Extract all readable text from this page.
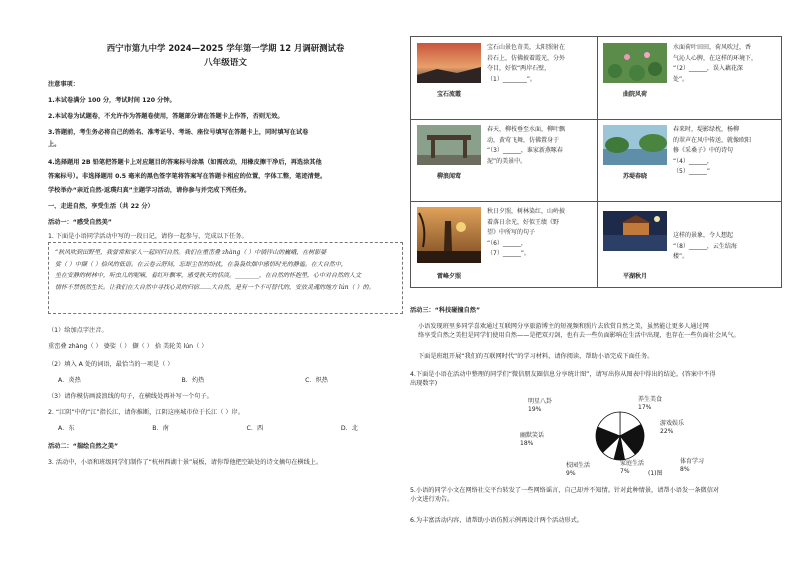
西宁市第九中学 2024—2025 学年第一学期 12 月调研测试卷
八年级语文
注意事项：
1.本试卷满分 100 分，考试时间 120 分钟。
2.本试卷为试题卷，不允许作为答题卷使用，答题部分请在答题卡上作答，否则无效。
3.答题前，考生务必将自己的姓名、准考证号、考场、座位号填写在答题卡上，同时填写在试卷
上。
4.选择题用 2B 铅笔把答题卡上对应题目的答案标号涂黑（如需改动，用橡皮擦干净后，再选涂其他
答案标号）。非选择题用 0.5 毫米的黑色签字笔将答案写在答题卡相应的位置，字体工整，笔迹清楚。
学校举办“亲近自然·返璞归真”主题学习活动，请你参与并完成下列任务。
一、走进自然，享受生活（共 22 分）
活动一：“感受自然美”
1. 下面是小语同学活动中写的一段日记，请你一起参与，完成以下任务。
“秋风吹到田野里，我曾常和家人一起回归自然。我们在重峦叠 zhàng（ ）中徜徉山的巍峨，在树影婆
娑（ ）中撷（ ）拾风的低语。在云卷云舒间，忘却尘世的纷扰，在袅袅炊烟中感悟时光的静谧。在大自然中，
坐在安静的树林中，听虫儿的呢喃，看红叶飘零，感受秋天的恬淡。________，在自然的怀抱里，心中对自然的人文
情怀不禁悄然生长。让我们在大自然中寻找心灵的归宿……大自然，是有一个不可替代的，安放灵魂的地方 lún（ ）的。
（1）给加点字注音。
重峦叠 zhàng（ ） 婆娑（ ） 撷（ ） 拾 美轮美 lún（ ）
（2）填入 A 处的词语，最恰当的一项是（ ）
A．炎热	B．灼热	C．炽热
（3）请你模仿画波浪线的句子，在横线处再补写一个句子。
2. “江阴”中的“江”指长江，请你推断，江阴这座城市位于长江（ ）岸。
A．东	B．南	C．西	D．北
活动二：“揣绘自然之美”
3. 活动中，小语和班级同学们制作了“杭州西湖十景”展板，请你帮他把空缺处的诗文摘句在横线上。
宝石流霞
宝石山景色奇美，太阳照射在
岩石上，仿佛披着霞光，分外
夺目，好似“两岸石壁，
（1）________”。
曲院风荷
水面荷叶田田，荷风吹过，香
气沁人心脾，在这样的环境下，
“（2）______，误入藕花深
处”。
柳浪闻莺
春天，柳枝垂至水面，柳叶飘
动，黄莺飞舞，仿佛置身于
“（3）______，谁家新燕啄春
泥”的美景中。
苏堤春晓
春来时，堤影绿枕，杨柳
的翠声在风中传送，就像欧阳
修《采桑子》中的诗句
“（4）______，
（5）______”
雷峰夕照
秋日夕照，树林染红，山岭披
着落日余光，好似王绩《野
望》中所写的句子
“（6）______，
（7）______”。
平湖秋月
这样的景象，令人想起
“（8）______，云生结海
楼”。
活动三：“科技碰撞自然”
小语发现班里多同学喜欢通过互联网分享旅游博主的短视频和照片去欣赏自然之美，虽然能让更多人通过网
络享受自然之美但是同学们使用自然——是把双刃剑，也有去一些负面影响在生活中出现，也存在一些负面社会风气。
下面是班组开展“我们的互联网时代”的学习材料，请你阅读，帮助小语完成下面任务。
4.下面是小语在活动中整理的同学们“微信朋友圈信息分享统计图”，请写出你从图表中得出的结论。(答案中不得
出现数字)
明星八卦
19%
养生美食
17%
游戏娱乐
22%
体育学习
8%
家庭生活
7%
校园生活
9%
幽默笑话
18%
(1)图
5.小语的同学小文在网络社交平台转发了一些网络谣言，自己却并不知情。针对此种情景，请帮小语发一条微信对
小文进行劝告。
6.为丰富活动内容，请帮助小语仿照示例再设计两个活动形式。
